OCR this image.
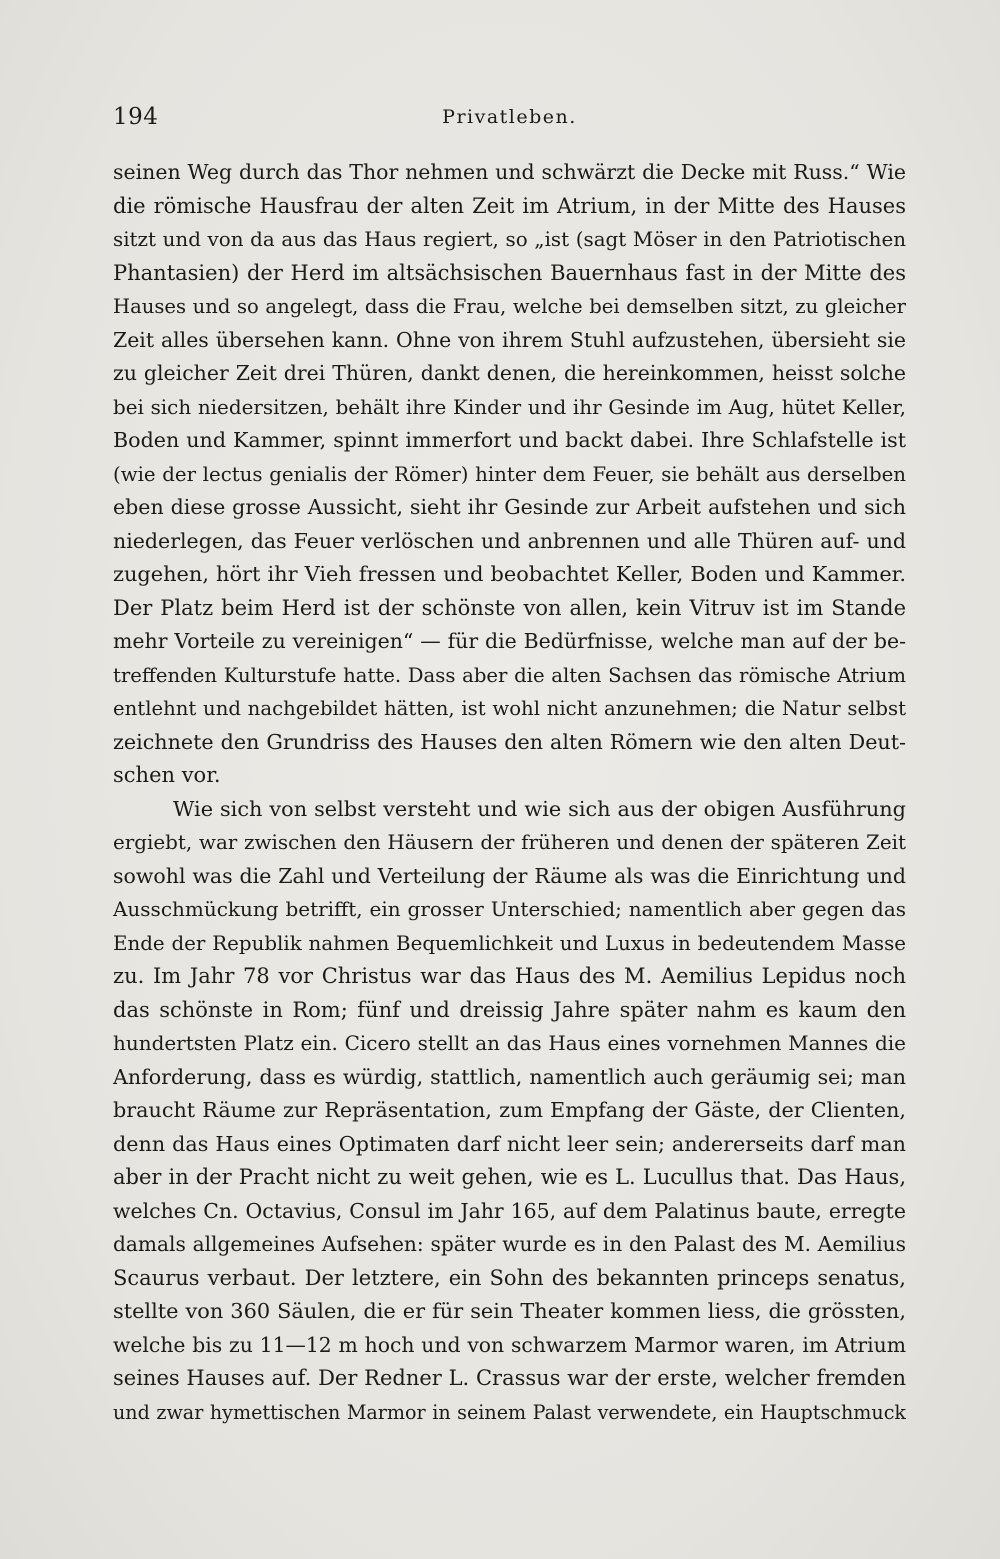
194	Privatleben.
seinen Weg durch das Thor nehmen und schwärzt die Decke mit Russ.“ Wie
die römische Hausfrau der alten Zeit im Atrium, in der Mitte des Hauses
sitzt und von da aus das Haus regiert, so „ist (sagt Möser in den Patriotischen
Phantasien) der Herd im altsächsischen Bauernhaus fast in der Mitte des
Hauses und so angelegt, dass die Frau, welche bei demselben sitzt, zu gleicher
Zeit alles übersehen kann. Ohne von ihrem Stuhl aufzustehen, übersieht sie
zu gleicher Zeit drei Thüren, dankt denen, die hereinkommen, heisst solche
bei sich niedersitzen, behält ihre Kinder und ihr Gesinde im Aug, hütet Keller,
Boden und Kammer, spinnt immerfort und backt dabei. Ihre Schlafstelle ist
(wie der lectus genialis der Römer) hinter dem Feuer, sie behält aus derselben
eben diese grosse Aussicht, sieht ihr Gesinde zur Arbeit aufstehen und sich
niederlegen, das Feuer verlöschen und anbrennen und alle Thüren auf- und
zugehen, hört ihr Vieh fressen und beobachtet Keller, Boden und Kammer.
Der Platz beim Herd ist der schönste von allen, kein Vitruv ist im Stande
mehr Vorteile zu vereinigen“ — für die Bedürfnisse, welche man auf der be-
treffenden Kulturstufe hatte. Dass aber die alten Sachsen das römische Atrium
entlehnt und nachgebildet hätten, ist wohl nicht anzunehmen; die Natur selbst
zeichnete den Grundriss des Hauses den alten Römern wie den alten Deut-
schen vor.
Wie sich von selbst versteht und wie sich aus der obigen Ausführung
ergiebt, war zwischen den Häusern der früheren und denen der späteren Zeit
sowohl was die Zahl und Verteilung der Räume als was die Einrichtung und
Ausschmückung betrifft, ein grosser Unterschied; namentlich aber gegen das
Ende der Republik nahmen Bequemlichkeit und Luxus in bedeutendem Masse
zu. Im Jahr 78 vor Christus war das Haus des M. Aemilius Lepidus noch
das schönste in Rom; fünf und dreissig Jahre später nahm es kaum den
hundertsten Platz ein. Cicero stellt an das Haus eines vornehmen Mannes die
Anforderung, dass es würdig, stattlich, namentlich auch geräumig sei; man
braucht Räume zur Repräsentation, zum Empfang der Gäste, der Clienten,
denn das Haus eines Optimaten darf nicht leer sein; andererseits darf man
aber in der Pracht nicht zu weit gehen, wie es L. Lucullus that. Das Haus,
welches Cn. Octavius, Consul im Jahr 165, auf dem Palatinus baute, erregte
damals allgemeines Aufsehen: später wurde es in den Palast des M. Aemilius
Scaurus verbaut. Der letztere, ein Sohn des bekannten princeps senatus,
stellte von 360 Säulen, die er für sein Theater kommen liess, die grössten,
welche bis zu 11—12 m hoch und von schwarzem Marmor waren, im Atrium
seines Hauses auf. Der Redner L. Crassus war der erste, welcher fremden
und zwar hymettischen Marmor in seinem Palast verwendete, ein Hauptschmuck
